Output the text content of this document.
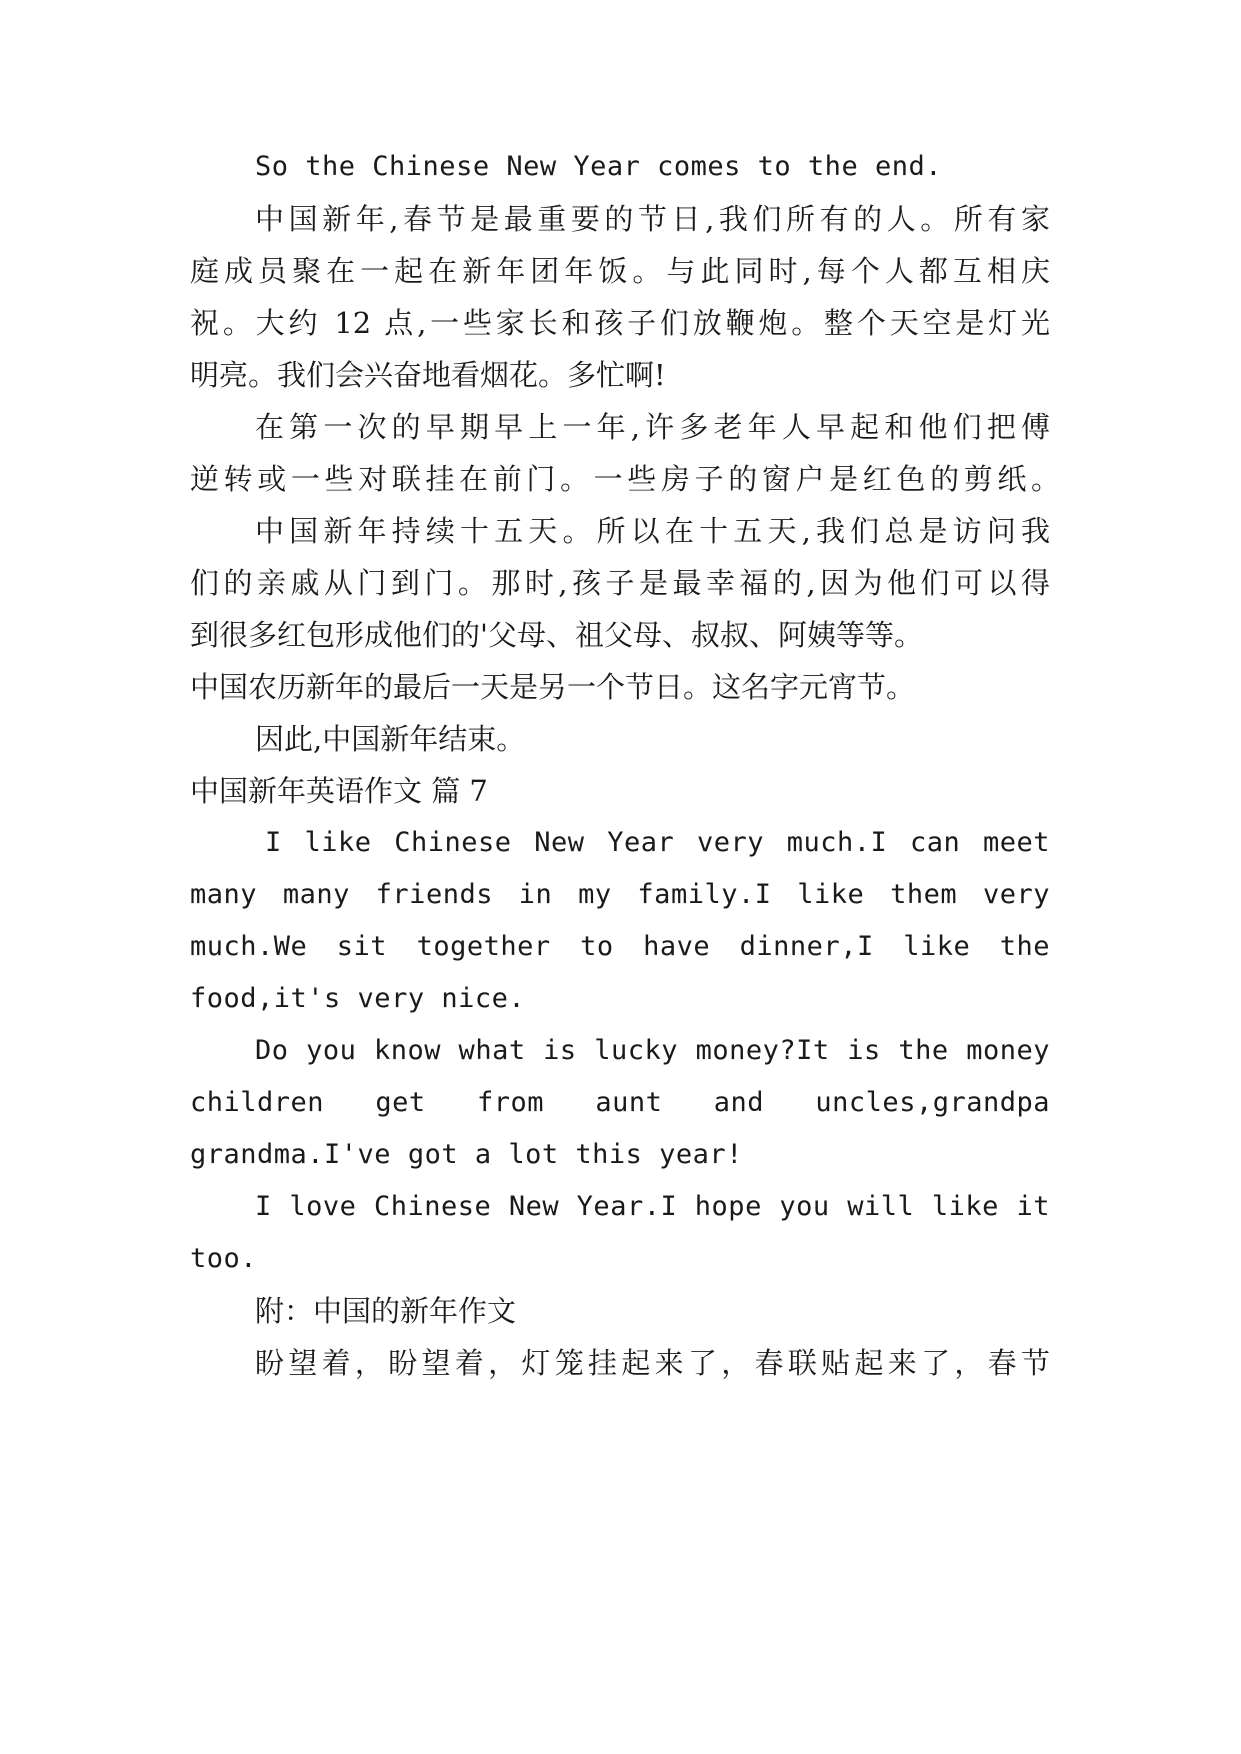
So the Chinese New Year comes to the end.
中国新年,春节是最重要的节日,我们所有的人。所有家
庭成员聚在一起在新年团年饭。与此同时,每个人都互相庆
祝。大约 12 点,一些家长和孩子们放鞭炮。整个天空是灯光
明亮。我们会兴奋地看烟花。多忙啊!
在第一次的早期早上一年,许多老年人早起和他们把傅
逆转或一些对联挂在前门。一些房子的窗户是红色的剪纸。
中国新年持续十五天。所以在十五天,我们总是访问我
们的亲戚从门到门。那时,孩子是最幸福的,因为他们可以得
到很多红包形成他们的'父母、祖父母、叔叔、阿姨等等。
中国农历新年的最后一天是另一个节日。这名字元宵节。
因此,中国新年结束。
中国新年英语作文 篇 7
I like Chinese New Year very much.I can meet
many many friends in my family.I like them very
much.We sit together to have dinner,I like the
food,it's very nice.
Do you know what is lucky money?It is the money
children get from aunt and uncles,grandpa
grandma.I've got a lot this year!
I love Chinese New Year.I hope you will like it
too.
附：中国的新年作文
盼望着，盼望着，灯笼挂起来了，春联贴起来了，春节
